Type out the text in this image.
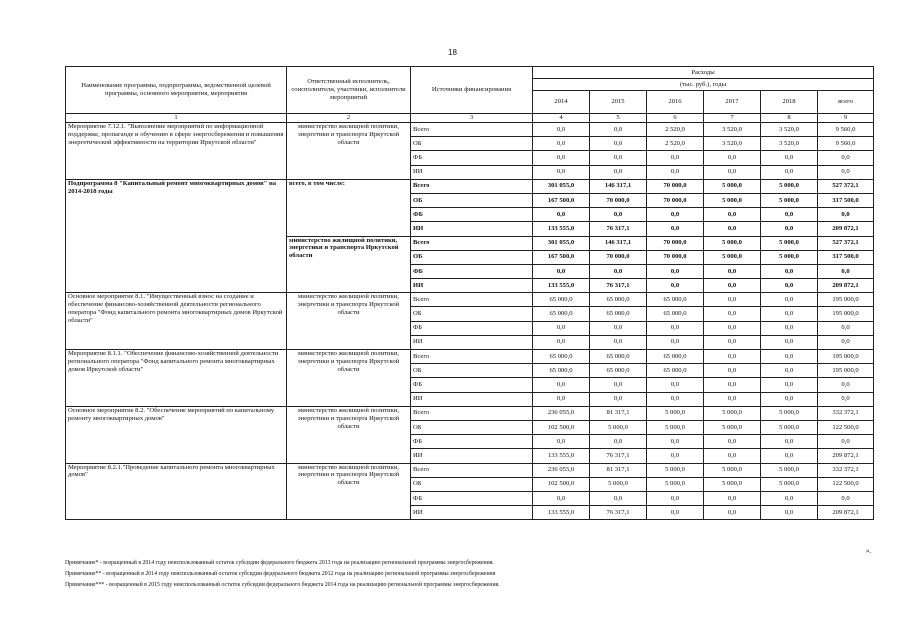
18
Наименование программы, подпрограммы, ведомственной целевой программы, основного мероприятия, мероприятия	Ответственный исполнитель, соисполнители, участники, исполнители мероприятий	Источники финансирования	Расходы					
			(тыс. руб.), годы					
			2014	2015	2016	2017	2018	всего
1	2	3	4	5	6	7	8	9
Мероприятие 7.12.1. "Выполнение мероприятий по информационной поддержке, пропаганде и обучению в сфере энергосбережения и повышения энергетической эффективности на территории Иркутской области"	министерство жилищной политики, энергетики и транспорта Иркутской области	Всего	0,0	0,0	2 520,0	3 520,0	3 520,0	9 560,0
		ОБ	0,0	0,0	2 520,0	3 520,0	3 520,0	9 560,0
		ФБ	0,0	0,0	0,0	0,0	0,0	0,0
		ИИ	0,0	0,0	0,0	0,0	0,0	0,0
Подпрограмма 8 "Капитальный ремонт многоквартирных домов" на 2014-2018 годы	всего, в том числе:	Всего	301 055,0	146 317,1	70 000,0	5 000,0	5 000,0	527 372,1
		ОБ	167 500,0	70 000,0	70 000,0	5 000,0	5 000,0	317 500,0
		ФБ	0,0	0,0	0,0	0,0	0,0	0,0
		ИИ	133 555,0	76 317,1	0,0	0,0	0,0	209 872,1
	министерство жилищной политики, энергетики и транспорта Иркутской области	Всего	301 055,0	146 317,1	70 000,0	5 000,0	5 000,0	527 372,1
		ОБ	167 500,0	70 000,0	70 000,0	5 000,0	5 000,0	317 500,0
		ФБ	0,0	0,0	0,0	0,0	0,0	0,0
		ИИ	133 555,0	76 317,1	0,0	0,0	0,0	209 872,1
Основное мероприятие 8.1. "Имущественный взнос на создание и обеспечение финансово-хозяйственной деятельности регионального оператора "Фонд капитального ремонта многоквартирных домов Иркутской области"	министерство жилищной политики, энергетики и транспорта Иркутской области	Всего	65 000,0	65 000,0	65 000,0	0,0	0,0	195 000,0
		ОБ	65 000,0	65 000,0	65 000,0	0,0	0,0	195 000,0
		ФБ	0,0	0,0	0,0	0,0	0,0	0,0
		ИИ	0,0	0,0	0,0	0,0	0,0	0,0
Мероприятие 8.1.1. "Обеспечение финансово-хозяйственной деятельности регионального оператора "Фонд капитального ремонта многоквартирных домов Иркутской области"	министерство жилищной политики, энергетики и транспорта Иркутской области	Всего	65 000,0	65 000,0	65 000,0	0,0	0,0	195 000,0
		ОБ	65 000,0	65 000,0	65 000,0	0,0	0,0	195 000,0
		ФБ	0,0	0,0	0,0	0,0	0,0	0,0
		ИИ	0,0	0,0	0,0	0,0	0,0	0,0
Основное мероприятие 8.2. "Обеспечение мероприятий по капитальному ремонту многоквартирных домов"	министерство жилищной политики, энергетики и транспорта Иркутской области	Всего	236 055,0	81 317,1	5 000,0	5 000,0	5 000,0	332 372,1
		ОБ	102 500,0	5 000,0	5 000,0	5 000,0	5 000,0	122 500,0
		ФБ	0,0	0,0	0,0	0,0	0,0	0,0
		ИИ	133 555,0	76 317,1	0,0	0,0	0,0	209 872,1
Мероприятие 8.2.1."Проведение капитального ремонта многоквартирных домов"	министерство жилищной политики, энергетики и транспорта Иркутской области	Всего	236 055,0	81 317,1	5 000,0	5 000,0	5 000,0	332 372,1
		ОБ	102 500,0	5 000,0	5 000,0	5 000,0	5 000,0	122 500,0
		ФБ	0,0	0,0	0,0	0,0	0,0	0,0
		ИИ	133 555,0	76 317,1	0,0	0,0	0,0	209 872,1
».
Примечание* - возращенный в 2014 году неиспользованный остаток субсидии федерального бюджета 2013 года на реализацию региональной программы энергосбережения.
Примечание** - возращенный в 2014 году неиспользованный остаток субсидии федерального бюджета 2012 года на реализацию региональной программы энергосбережения
Примечание*** - возращенный в 2015 году неиспользованный остаток субсидии федерального бюджета 2014 года на реализацию региональной программы энергосбережения.
